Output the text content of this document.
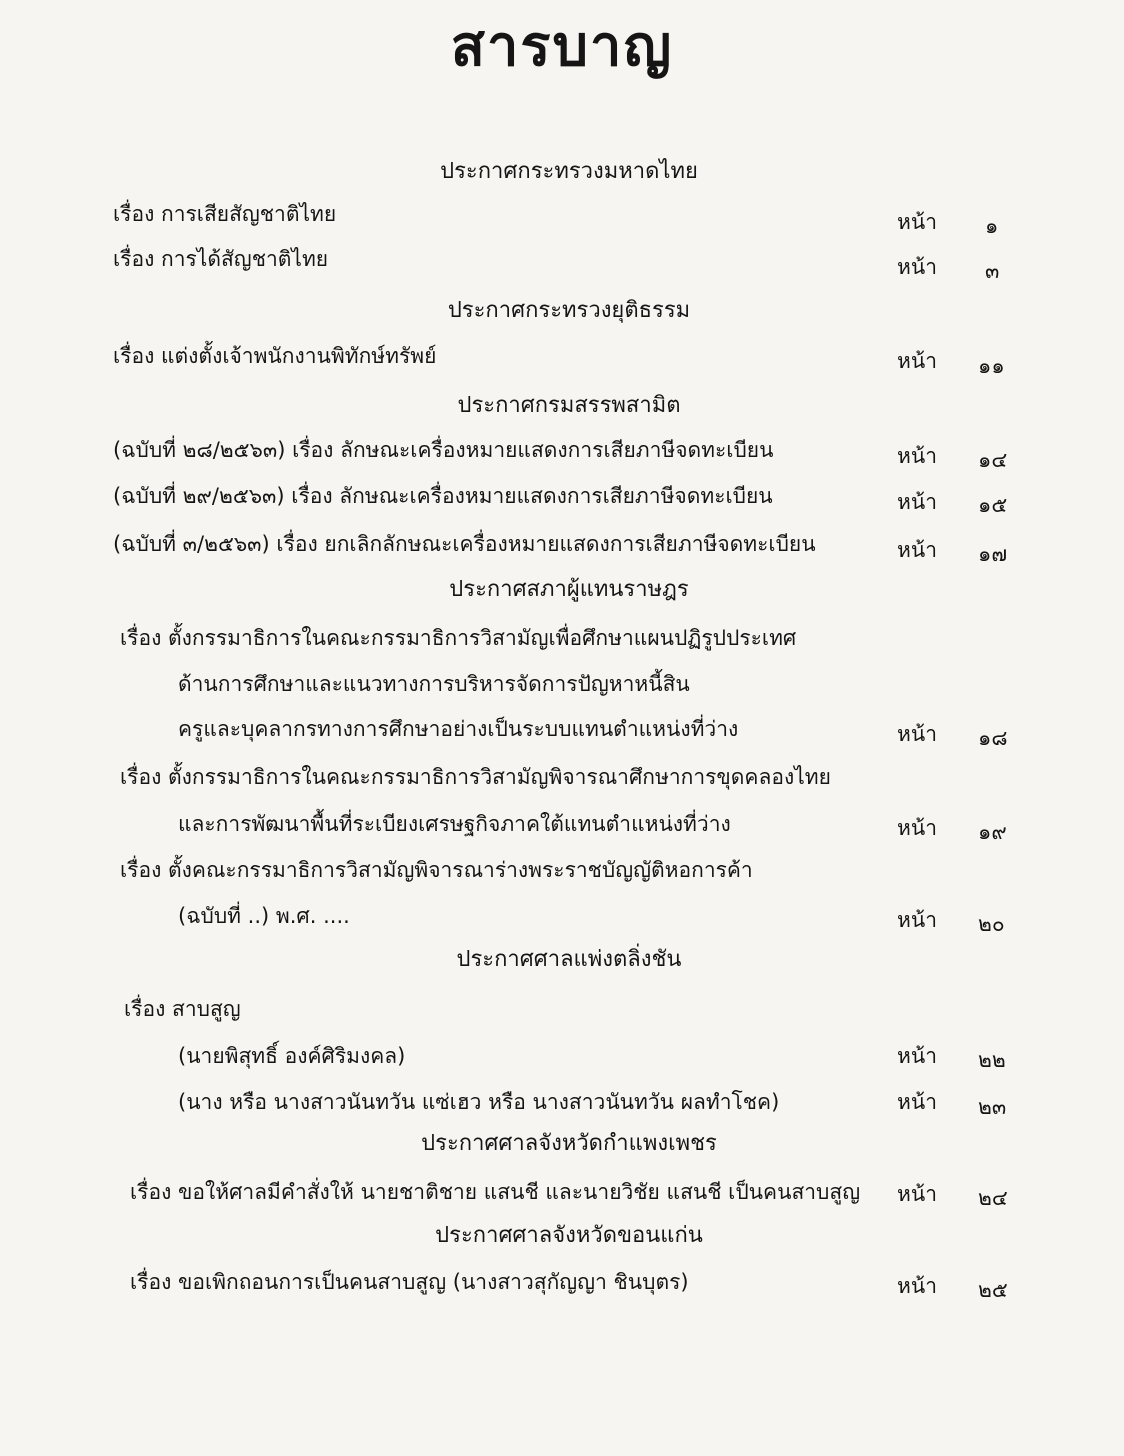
สารบาญ
ประกาศกระทรวงมหาดไทย
เรื่อง การเสียสัญชาติไทย	หน้า	๑
เรื่อง การได้สัญชาติไทย	หน้า	๓
ประกาศกระทรวงยุติธรรม
เรื่อง แต่งตั้งเจ้าพนักงานพิทักษ์ทรัพย์	หน้า	๑๑
ประกาศกรมสรรพสามิต
(ฉบับที่ ๒๘/๒๕๖๓) เรื่อง ลักษณะเครื่องหมายแสดงการเสียภาษีจดทะเบียน	หน้า	๑๔
(ฉบับที่ ๒๙/๒๕๖๓) เรื่อง ลักษณะเครื่องหมายแสดงการเสียภาษีจดทะเบียน	หน้า	๑๕
(ฉบับที่ ๓/๒๕๖๓) เรื่อง ยกเลิกลักษณะเครื่องหมายแสดงการเสียภาษีจดทะเบียน	หน้า	๑๗
ประกาศสภาผู้แทนราษฎร
เรื่อง ตั้งกรรมาธิการในคณะกรรมาธิการวิสามัญเพื่อศึกษาแผนปฏิรูปประเทศ
ด้านการศึกษาและแนวทางการบริหารจัดการปัญหาหนี้สิน
ครูและบุคลากรทางการศึกษาอย่างเป็นระบบแทนตำแหน่งที่ว่าง	หน้า	๑๘
เรื่อง ตั้งกรรมาธิการในคณะกรรมาธิการวิสามัญพิจารณาศึกษาการขุดคลองไทย
และการพัฒนาพื้นที่ระเบียงเศรษฐกิจภาคใต้แทนตำแหน่งที่ว่าง	หน้า	๑๙
เรื่อง ตั้งคณะกรรมาธิการวิสามัญพิจารณาร่างพระราชบัญญัติหอการค้า
(ฉบับที่ ..) พ.ศ. ....	หน้า	๒๐
ประกาศศาลแพ่งตลิ่งชัน
เรื่อง สาบสูญ
(นายพิสุทธิ์ องค์ศิริมงคล)	หน้า	๒๒
(นาง หรือ นางสาวนันทวัน แซ่เฮว หรือ นางสาวนันทวัน ผลทำโชค)	หน้า	๒๓
ประกาศศาลจังหวัดกำแพงเพชร
เรื่อง ขอให้ศาลมีคำสั่งให้ นายชาติชาย แสนชี และนายวิชัย แสนชี เป็นคนสาบสูญ หน้า	๒๔
ประกาศศาลจังหวัดขอนแก่น
เรื่อง ขอเพิกถอนการเป็นคนสาบสูญ (นางสาวสุกัญญา ชินบุตร)	หน้า	๒๕
